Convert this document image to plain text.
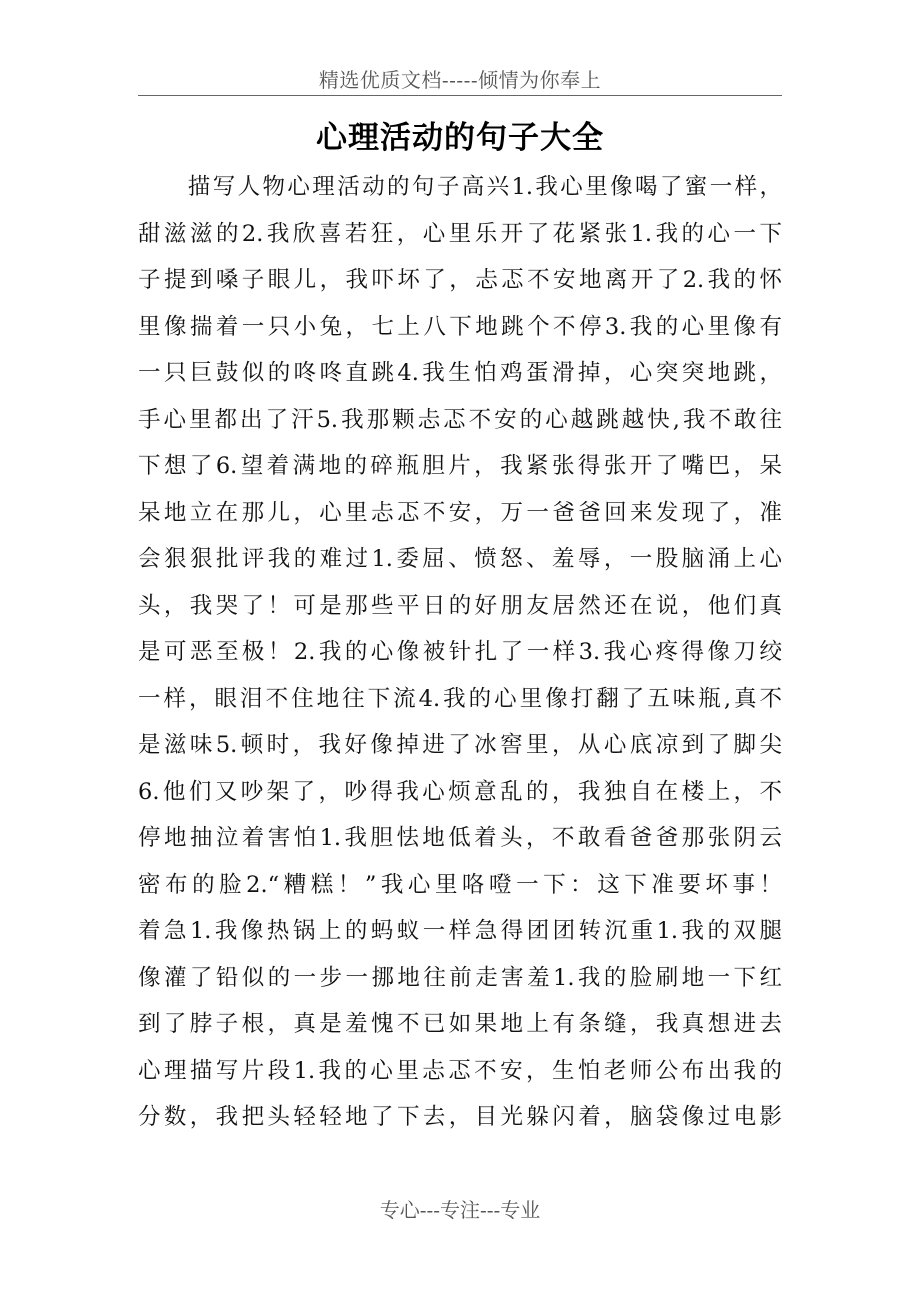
精选优质文档-----倾情为你奉上
心理活动的句子大全
　　描写人物心理活动的句子高兴1.我心里像喝了蜜一样，
甜滋滋的2.我欣喜若狂，心里乐开了花紧张1.我的心一下
子提到嗓子眼儿，我吓坏了，忐忑不安地离开了2.我的怀
里像揣着一只小兔，七上八下地跳个不停3.我的心里像有
一只巨鼓似的咚咚直跳4.我生怕鸡蛋滑掉，心突突地跳，
手心里都出了汗5.我那颗忐忑不安的心越跳越快,我不敢往
下想了6.望着满地的碎瓶胆片，我紧张得张开了嘴巴，呆
呆地立在那儿，心里忐忑不安，万一爸爸回来发现了，准
会狠狠批评我的难过1.委屈、愤怒、羞辱，一股脑涌上心
头，我哭了！可是那些平日的好朋友居然还在说，他们真
是可恶至极！2.我的心像被针扎了一样3.我心疼得像刀绞
一样，眼泪不住地往下流4.我的心里像打翻了五味瓶,真不
是滋味5.顿时，我好像掉进了冰窖里，从心底凉到了脚尖
6.他们又吵架了，吵得我心烦意乱的，我独自在楼上，不
停地抽泣着害怕1.我胆怯地低着头，不敢看爸爸那张阴云
密布的脸2.“糟糕！”我心里咯噔一下：这下准要坏事！
着急1.我像热锅上的蚂蚁一样急得团团转沉重1.我的双腿
像灌了铅似的一步一挪地往前走害羞1.我的脸刷地一下红
到了脖子根，真是羞愧不已如果地上有条缝，我真想进去
心理描写片段1.我的心里忐忑不安，生怕老师公布出我的
分数，我把头轻轻地了下去，目光躲闪着，脑袋像过电影
专心---专注---专业
